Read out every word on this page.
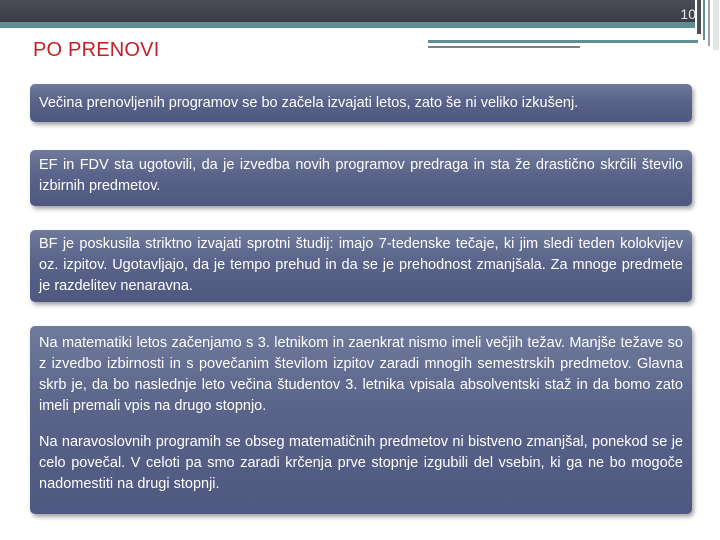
10
PO PRENOVI

Večina prenovljenih programov se bo začela izvajati letos, zato še ni veliko izkušenj.

EF in FDV sta ugotovili, da je izvedba novih programov predraga in sta že drastično skrčili število izbirnih predmetov.

BF je poskusila striktno izvajati sprotni študij: imajo 7-tedenske tečaje, ki jim sledi teden kolokvijev oz. izpitov. Ugotavljajo, da je tempo prehud in da se je prehodnost zmanjšala. Za mnoge predmete je razdelitev nenaravna.

Na matematiki letos začenjamo s 3. letnikom in zaenkrat nismo imeli večjih težav. Manjše težave so z izvedbo izbirnosti in s povečanim številom izpitov zaradi mnogih semestrskih predmetov. Glavna skrb je, da bo naslednje leto večina študentov 3. letnika vpisala absolventski staž in da bomo zato imeli premali vpis na drugo stopnjo.

Na naravoslovnih programih se obseg matematičnih predmetov ni bistveno zmanjšal, ponekod se je celo povečal. V celoti pa smo zaradi krčenja prve stopnje izgubili del vsebin, ki ga ne bo mogoče nadomestiti na drugi stopnji.
